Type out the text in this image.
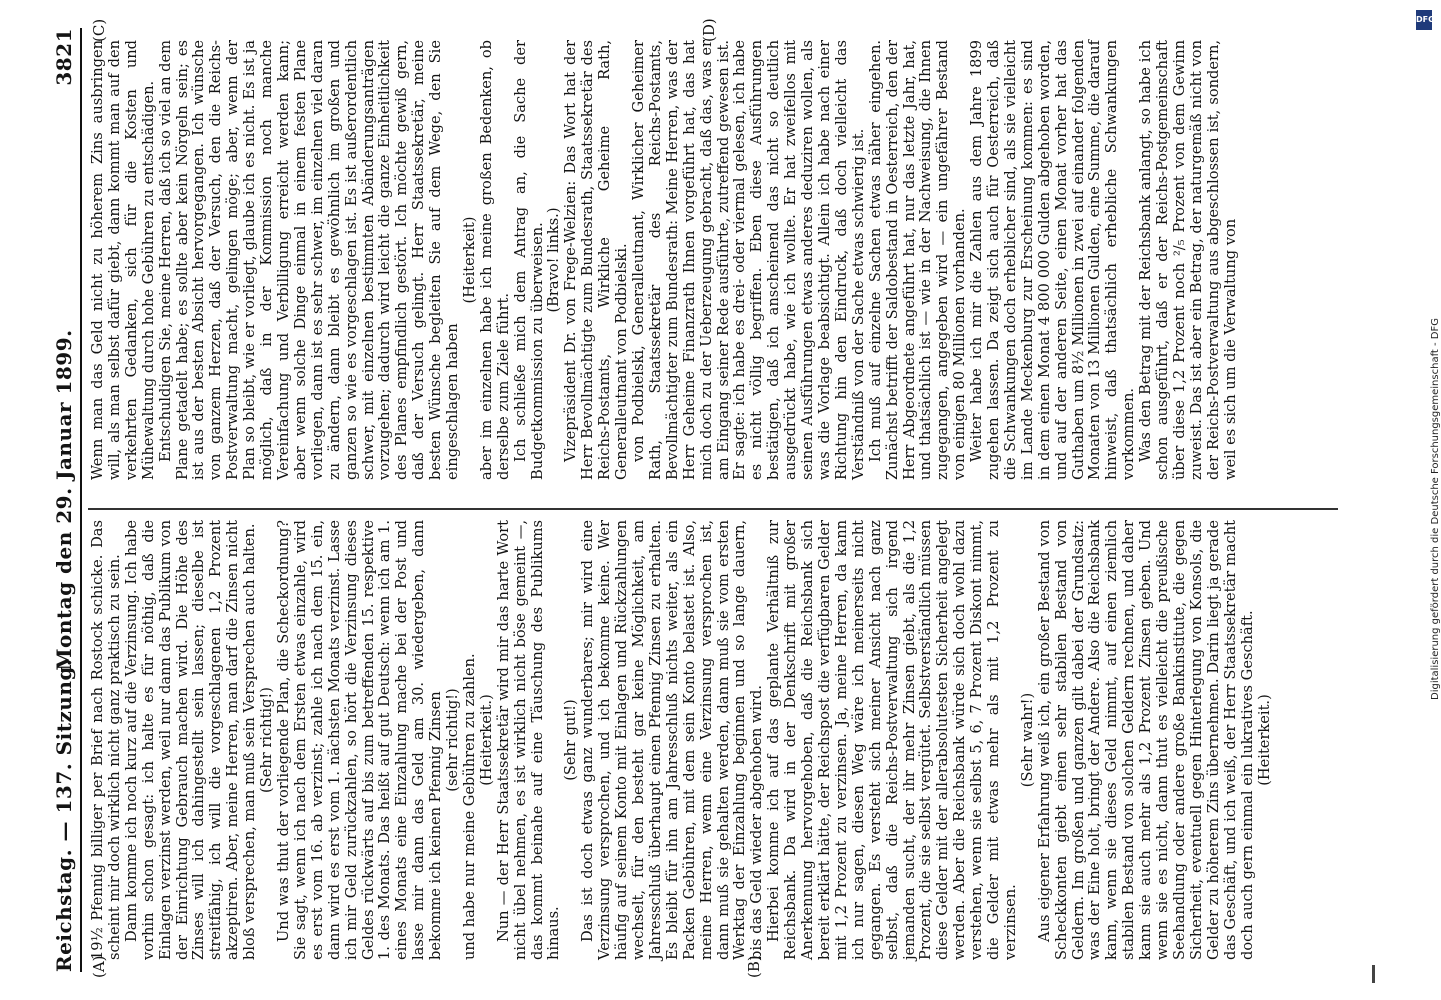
Reichstag. — 137. Sitzung.
Montag den 29. Januar 1899.
3821
(A)	(B)
(C)	(D)

19½ Pfennig billiger per Brief nach Rostock schicke. Das scheint mir doch wirklich nicht ganz praktisch zu sein. Dann komme ich noch kurz auf die Verzinsung. Ich habe vorhin schon gesagt: ich halte es für nöthig, daß die Einlagen verzinst werden, weil nur dann das Publikum von der Einrichtung Gebrauch machen wird. Die Höhe des Zinses will ich dahingestellt sein lassen; dieselbe ist streitfähig, ich will die vorgeschlagenen 1,2 Prozent akzeptiren. Aber, meine Herren, man darf die Zinsen nicht bloß versprechen, man muß sein Versprechen auch halten. (Sehr richtig!) Und was thut der vorliegende Plan, die Scheckordnung? Sie sagt, wenn ich nach dem Ersten etwas einzahle, wird es erst vom 16. ab verzinst; zahle ich nach dem 15. ein, dann wird es erst vom 1. nächsten Monats verzinst. Lasse ich mir Geld zurückzahlen, so hört die Verzinsung dieses Geldes rückwärts auf bis zum betreffenden 15. respektive 1. des Monats. Das heißt auf gut Deutsch: wenn ich am 1. eines Monats eine Einzahlung mache bei der Post und lasse mir dann das Geld am 30. wiedergeben, dann bekomme ich keinen Pfennig Zinsen (sehr richtig!) und habe nur meine Gebühren zu zahlen. (Heiterkeit.) Nun — der Herr Staatssekretär wird mir das harte Wort nicht übel nehmen, es ist wirklich nicht böse gemeint —, das kommt beinahe auf eine Täuschung des Publikums hinaus.

(Sehr gut!) Das ist doch etwas ganz wunderbares; mir wird eine Verzinsung versprochen, und ich bekomme keine. Wer häufig auf seinem Konto mit Einlagen und Rückzahlungen wechselt, für den besteht gar keine Möglichkeit, am Jahresschluß überhaupt einen Pfennig Zinsen zu erhalten. Es bleibt für ihn am Jahresschluß nichts weiter, als ein Packen Gebühren, mit dem sein Konto belastet ist. Also, meine Herren, wenn eine Verzinsung versprochen ist, dann muß sie gehalten werden, dann muß sie vom ersten Werktag der Einzahlung beginnen und so lange dauern, bis das Geld wieder abgehoben wird. Hierbei komme ich auf das geplante Verhältniß zur Reichsbank. Da wird in der Denkschrift mit großer Anerkennung hervorgehoben, daß die Reichsbank sich bereit erklärt hätte, der Reichspost die verfügbaren Gelder mit 1,2 Prozent zu verzinsen. Ja, meine Herren, da kann ich nur sagen, diesen Weg wäre ich meinerseits nicht gegangen. Es versteht sich meiner Ansicht nach ganz selbst, daß die Reichs-Postverwaltung sich irgend jemanden sucht, der ihr mehr Zinsen giebt, als die 1,2 Prozent, die sie selbst vergütet. Selbstverständlich müssen diese Gelder mit der allerabsolutesten Sicherheit angelegt werden. Aber die Reichsbank würde sich doch wohl dazu verstehen, wenn sie selbst 5, 6, 7 Prozent Diskont nimmt, die Gelder mit etwas mehr als mit 1,2 Prozent zu verzinsen.

(Sehr wahr!) Aus eigener Erfahrung weiß ich, ein großer Bestand von Scheckkonten giebt einen sehr stabilen Bestand von Geldern. Im großen und ganzen gilt dabei der Grundsatz: was der Eine holt, bringt der Andere. Also die Reichsbank kann, wenn sie dieses Geld nimmt, auf einen ziemlich stabilen Bestand von solchen Geldern rechnen, und daher kann sie auch mehr als 1,2 Prozent Zinsen geben. Und wenn sie es nicht, dann thut es vielleicht die preußische Seehandlung oder andere große Bankinstitute, die gegen Sicherheit, eventuell gegen Hinterlegung von Konsols, die Gelder zu höherem Zins übernehmen. Darin liegt ja gerade das Geschäft, und ich weiß, der Herr Staatssekretär macht doch auch gern einmal ein lukratives Geschäft. (Heiterkeit.)

Wenn man das Geld nicht zu höherem Zins ausbringen will, als man selbst dafür giebt, dann kommt man auf den verkehrten Gedanken, sich für die Kosten und Mühewaltung durch hohe Gebühren zu entschädigen. Entschuldigen Sie, meine Herren, daß ich so viel an dem Plane getadelt habe; es sollte aber kein Nörgeln sein; es ist aus der besten Absicht hervorgegangen. Ich wünsche von ganzem Herzen, daß der Versuch, den die Reichs-Postverwaltung macht, gelingen möge; aber, wenn der Plan so bleibt, wie er vorliegt, glaube ich es nicht. Es ist ja möglich, daß in der Kommission noch manche Vereinfachung und Verbilligung erreicht werden kann; aber wenn solche Dinge einmal in einem festen Plane vorliegen, dann ist es sehr schwer, im einzelnen viel daran zu ändern, dann bleibt es gewöhnlich im großen und ganzen so wie es vorgeschlagen ist. Es ist außerordentlich schwer, mit einzelnen bestimmten Abänderungsanträgen vorzugehen; dadurch wird leicht die ganze Einheitlichkeit des Planes empfindlich gestört. Ich möchte gewiß gern, daß der Versuch gelingt. Herr Staatssekretär, meine besten Wünsche begleiten Sie auf dem Wege, den Sie eingeschlagen haben

(Heiterkeit) aber im einzelnen habe ich meine großen Bedenken, ob derselbe zum Ziele führt. Ich schließe mich dem Antrag an, die Sache der Budgetkommission zu überweisen. (Bravo! links.) Vizepräsident Dr. von Frege-Welzien: Das Wort hat der Herr Bevollmächtigte zum Bundesrath, Staatssekretär des Reichs-Postamts, Wirkliche Geheime Rath, Generalleutnant von Podbielski. von Podbielski, Generalleutnant, Wirklicher Geheimer Rath, Staatssekretär des Reichs-Postamts, Bevollmächtigter zum Bundesrath: Meine Herren, was der Herr Geheime Finanzrath Ihnen vorgeführt hat, das hat mich doch zu der Ueberzeugung gebracht, daß das, was er am Eingang seiner Rede ausführte, zutreffend gewesen ist. Er sagte: ich habe es drei- oder viermal gelesen, ich habe es nicht völlig begriffen. Eben diese Ausführungen bestätigen, daß ich anscheinend das nicht so deutlich ausgedrückt habe, wie ich wollte. Er hat zweifellos mit seinen Ausführungen etwas anderes deduziren wollen, als was die Vorlage beabsichtigt. Allein ich habe nach einer Richtung hin den Eindruck, daß doch vielleicht das Verständniß von der Sache etwas schwierig ist. Ich muß auf einzelne Sachen etwas näher eingehen. Zunächst betrifft der Saldobestand in Oesterreich, den der Herr Abgeordnete angeführt hat, nur das letzte Jahr, hat, und thatsächlich ist — wie in der Nachweisung, die Ihnen zugegangen, angegeben wird — ein ungefährer Bestand von einigen 80 Millionen vorhanden. Weiter habe ich mir die Zahlen aus dem Jahre 1899 zugehen lassen. Da zeigt sich auch für Oesterreich, daß die Schwankungen doch erheblicher sind, als sie vielleicht im Lande Meckenburg zur Erscheinung kommen: es sind in dem einen Monat 4 800 000 Gulden abgehoben worden, und auf der anderen Seite, einen Monat vorher hat das Guthaben um 8½ Millionen in zwei auf einander folgenden Monaten von 13 Millionen Gulden, eine Summe, die darauf hinweist, daß thatsächlich erhebliche Schwankungen vorkommen. Was den Betrag mit der Reichsbank anlangt, so habe ich schon ausgeführt, daß er der Reichs-Postgemeinschaft über diese 1,2 Prozent noch ²/₅ Prozent von dem Gewinn zuweist. Das ist aber ein Betrag, der naturgemäß nicht von der Reichs-Postverwaltung aus abgeschlossen ist, sondern, weil es sich um die Verwaltung von

DFG
Digitalisierung gefördert durch die Deutsche Forschungsgemeinschaft - DFG
